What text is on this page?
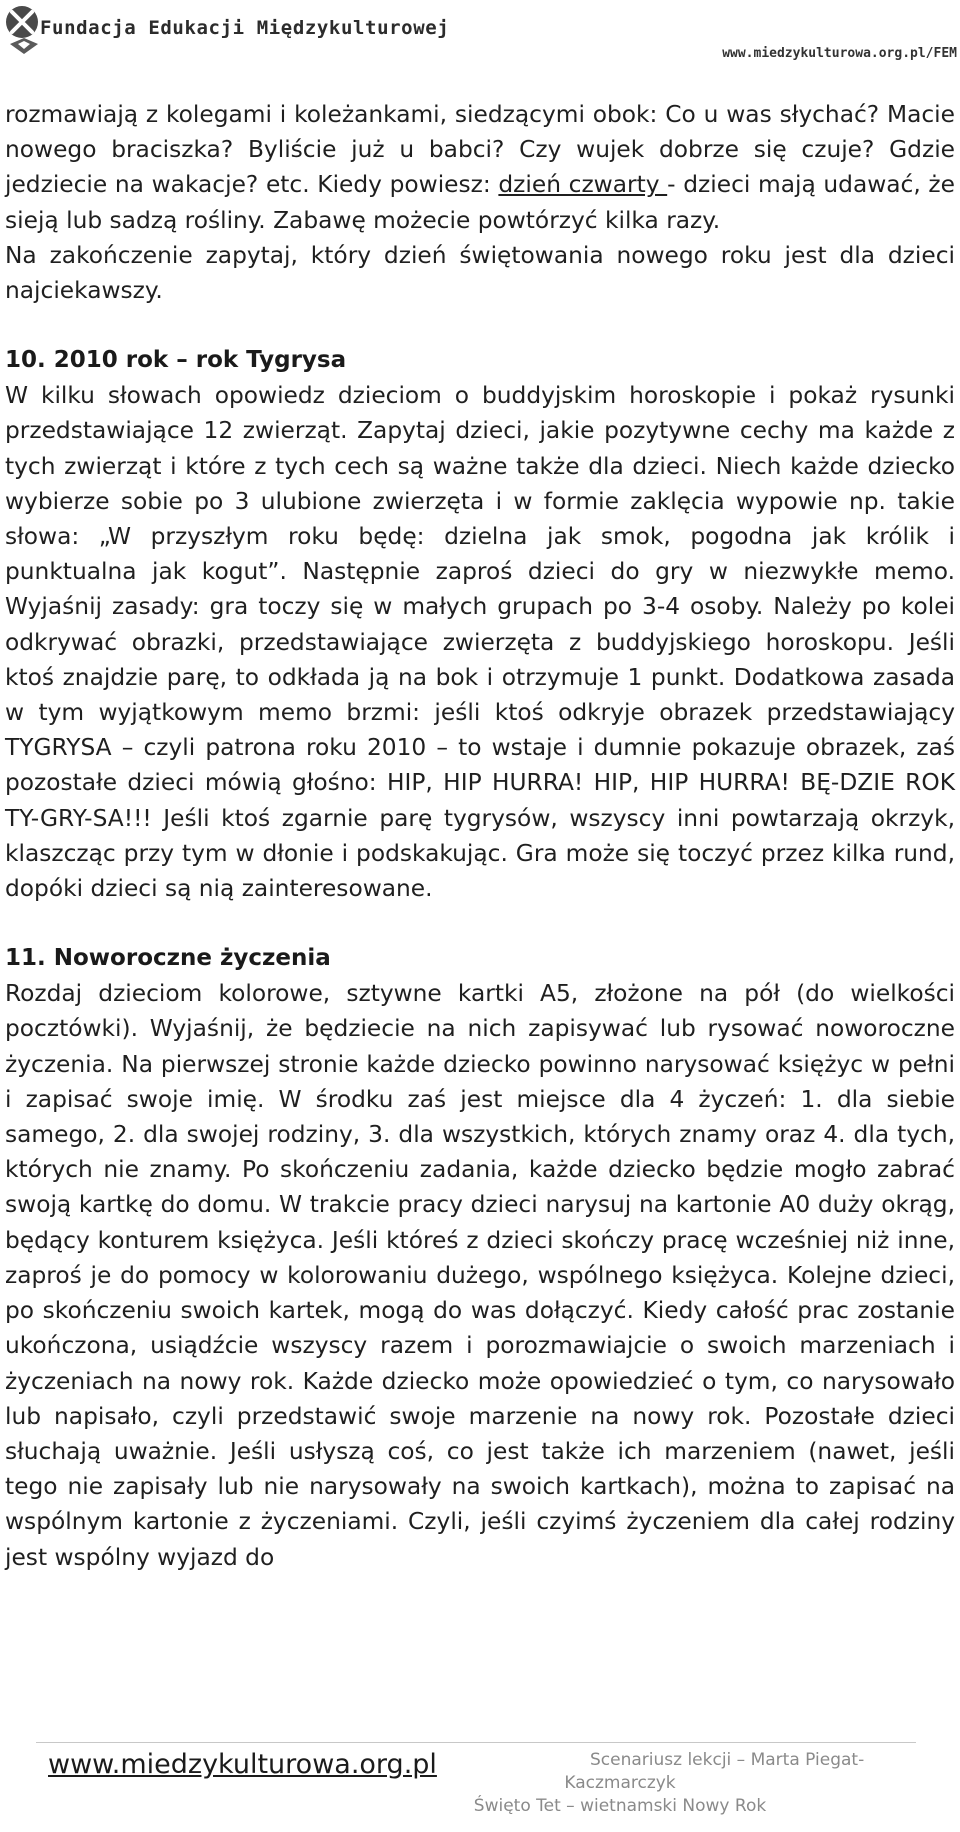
Fundacja Edukacji Międzykulturowej
www.miedzykulturowa.org.pl/FEM

rozmawiają z kolegami i koleżankami, siedzącymi obok: Co u was słychać? Macie nowego braciszka? Byliście już u babci? Czy wujek dobrze się czuje? Gdzie jedziecie na wakacje? etc. Kiedy powiesz: dzień czwarty - dzieci mają udawać, że sieją lub sadzą rośliny. Zabawę możecie powtórzyć kilka razy.

Na zakończenie zapytaj, który dzień świętowania nowego roku jest dla dzieci najciekawszy.

10. 2010 rok – rok Tygrysa

W kilku słowach opowiedz dzieciom o buddyjskim horoskopie i pokaż rysunki przedstawiające 12 zwierząt. Zapytaj dzieci, jakie pozytywne cechy ma każde z tych zwierząt i które z tych cech są ważne także dla dzieci. Niech każde dziecko wybierze sobie po 3 ulubione zwierzęta i w formie zaklęcia wypowie np. takie słowa: „W przyszłym roku będę: dzielna jak smok, pogodna jak królik i punktualna jak kogut”. Następnie zaproś dzieci do gry w niezwykłe memo. Wyjaśnij zasady: gra toczy się w małych grupach po 3-4 osoby. Należy po kolei odkrywać obrazki, przedstawiające zwierzęta z buddyjskiego horoskopu. Jeśli ktoś znajdzie parę, to odkłada ją na bok i otrzymuje 1 punkt. Dodatkowa zasada w tym wyjątkowym memo brzmi: jeśli ktoś odkryje obrazek przedstawiający TYGRYSA – czyli patrona roku 2010 – to wstaje i dumnie pokazuje obrazek, zaś pozostałe dzieci mówią głośno: HIP, HIP HURRA! HIP, HIP HURRA! BĘ-DZIE ROK TY-GRY-SA!!! Jeśli ktoś zgarnie parę tygrysów, wszyscy inni powtarzają okrzyk, klaszcząc przy tym w dłonie i podskakując. Gra może się toczyć przez kilka rund, dopóki dzieci są nią zainteresowane.

11. Noworoczne życzenia

Rozdaj dzieciom kolorowe, sztywne kartki A5, złożone na pół (do wielkości pocztówki). Wyjaśnij, że będziecie na nich zapisywać lub rysować noworoczne życzenia. Na pierwszej stronie każde dziecko powinno narysować księżyc w pełni i zapisać swoje imię. W środku zaś jest miejsce dla 4 życzeń: 1. dla siebie samego, 2. dla swojej rodziny, 3. dla wszystkich, których znamy oraz 4. dla tych, których nie znamy. Po skończeniu zadania, każde dziecko będzie mogło zabrać swoją kartkę do domu. W trakcie pracy dzieci narysuj na kartonie A0 duży okrąg, będący konturem księżyca. Jeśli któreś z dzieci skończy pracę wcześniej niż inne, zaproś je do pomocy w kolorowaniu dużego, wspólnego księżyca. Kolejne dzieci, po skończeniu swoich kartek, mogą do was dołączyć. Kiedy całość prac zostanie ukończona, usiądźcie wszyscy razem i porozmawiajcie o swoich marzeniach i życzeniach na nowy rok. Każde dziecko może opowiedzieć o tym, co narysowało lub napisało, czyli przedstawić swoje marzenie na nowy rok. Pozostałe dzieci słuchają uważnie. Jeśli usłyszą coś, co jest także ich marzeniem (nawet, jeśli tego nie zapisały lub nie narysowały na swoich kartkach), można to zapisać na wspólnym kartonie z życzeniami. Czyli, jeśli czyimś życzeniem dla całej rodziny jest wspólny wyjazd do

www.miedzykulturowa.org.pl	Scenariusz lekcji – Marta Piegat-
Kaczmarczyk
Święto Tet – wietnamski Nowy Rok
